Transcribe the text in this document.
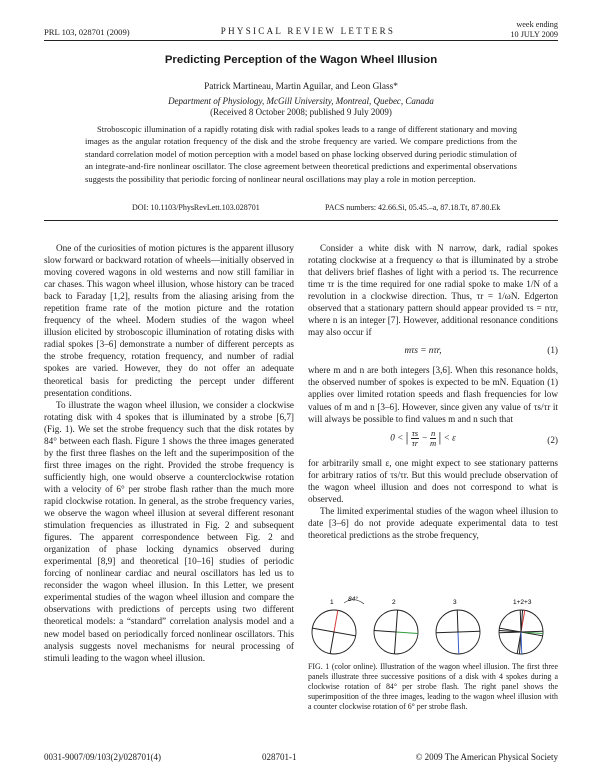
PRL 103, 028701 (2009)	PHYSICAL REVIEW LETTERS
week ending
10 JULY 2009
Predicting Perception of the Wagon Wheel Illusion
Patrick Martineau, Martin Aguilar, and Leon Glass*
Department of Physiology, McGill University, Montreal, Quebec, Canada
(Received 8 October 2008; published 9 July 2009)
Stroboscopic illumination of a rapidly rotating disk with radial spokes leads to a range of different stationary and moving images as the angular rotation frequency of the disk and the strobe frequency are varied. We compare predictions from the standard correlation model of motion perception with a model based on phase locking observed during periodic stimulation of an integrate-and-fire nonlinear oscillator. The close agreement between theoretical predictions and experimental observations suggests the possibility that periodic forcing of nonlinear neural oscillations may play a role in motion perception.
DOI: 10.1103/PhysRevLett.103.028701	PACS numbers: 42.66.Si, 05.45.–a, 87.18.Tt, 87.80.Ek

One of the curiosities of motion pictures is the apparent illusory slow forward or backward rotation of wheels—initially observed in moving covered wagons in old westerns and now still familiar in car chases. This wagon wheel illusion, whose history can be traced back to Faraday [1,2], results from the aliasing arising from the repetition frame rate of the motion picture and the rotation frequency of the wheel. Modern studies of the wagon wheel illusion elicited by stroboscopic illumination of rotating disks with radial spokes [3–6] demonstrate a number of different percepts as the strobe frequency, rotation frequency, and number of radial spokes are varied. However, they do not offer an adequate theoretical basis for predicting the percept under different presentation conditions.

To illustrate the wagon wheel illusion, we consider a clockwise rotating disk with 4 spokes that is illuminated by a strobe [6,7] (Fig. 1). We set the strobe frequency such that the disk rotates by 84° between each flash. Figure 1 shows the three images generated by the first three flashes on the left and the superimposition of the first three images on the right. Provided the strobe frequency is sufficiently high, one would observe a counterclockwise rotation with a velocity of 6° per strobe flash rather than the much more rapid clockwise rotation. In general, as the strobe frequency varies, we observe the wagon wheel illusion at several different resonant stimulation frequencies as illustrated in Fig. 2 and subsequent figures. The apparent correspondence between Fig. 2 and organization of phase locking dynamics observed during experimental [8,9] and theoretical [10–16] studies of periodic forcing of nonlinear cardiac and neural oscillators has led us to reconsider the wagon wheel illusion. In this Letter, we present experimental studies of the wagon wheel illusion and compare the observations with predictions of percepts using two different theoretical models: a “standard” correlation analysis model and a new model based on periodically forced nonlinear oscillators. This analysis suggests novel mechanisms for neural processing of stimuli leading to the wagon wheel illusion.

Consider a white disk with N narrow, dark, radial spokes rotating clockwise at a frequency ω that is illuminated by a strobe that delivers brief flashes of light with a period τs. The recurrence time τr is the time required for one radial spoke to make 1/N of a revolution in a clockwise direction. Thus, τr = 1/ωN. Edgerton observed that a stationary pattern should appear provided τs = nτr, where n is an integer [7]. However, additional resonance conditions may also occur if

mτs = nτr,	(1)

where m and n are both integers [3,6]. When this resonance holds, the observed number of spokes is expected to be mN. Equation (1) applies over limited rotation speeds and flash frequencies for low values of m and n [3–6]. However, since given any value of τs/τr it will always be possible to find values m and n such that

0 < | $\frac{\tau s}{\tau r} - \frac{n}{m}$ | < ε	(2)

for arbitrarily small ε, one might expect to see stationary patterns for arbitrary ratios of τs/τr. But this would preclude observation of the wagon wheel illusion and does not correspond to what is observed.

The limited experimental studies of the wagon wheel illusion to date [3–6] do not provide adequate experimental data to test theoretical predictions as the strobe frequency,

1	2	3	1+2+3
84°
FIG. 1 (color online). Illustration of the wagon wheel illusion. The first three panels illustrate three successive positions of a disk with 4 spokes during a clockwise rotation of 84° per strobe flash. The right panel shows the superimposition of the three images, leading to the wagon wheel illusion with a counter clockwise rotation of 6° per strobe flash.
0031-9007/09/103(2)/028701(4)	028701-1	© 2009 The American Physical Society
